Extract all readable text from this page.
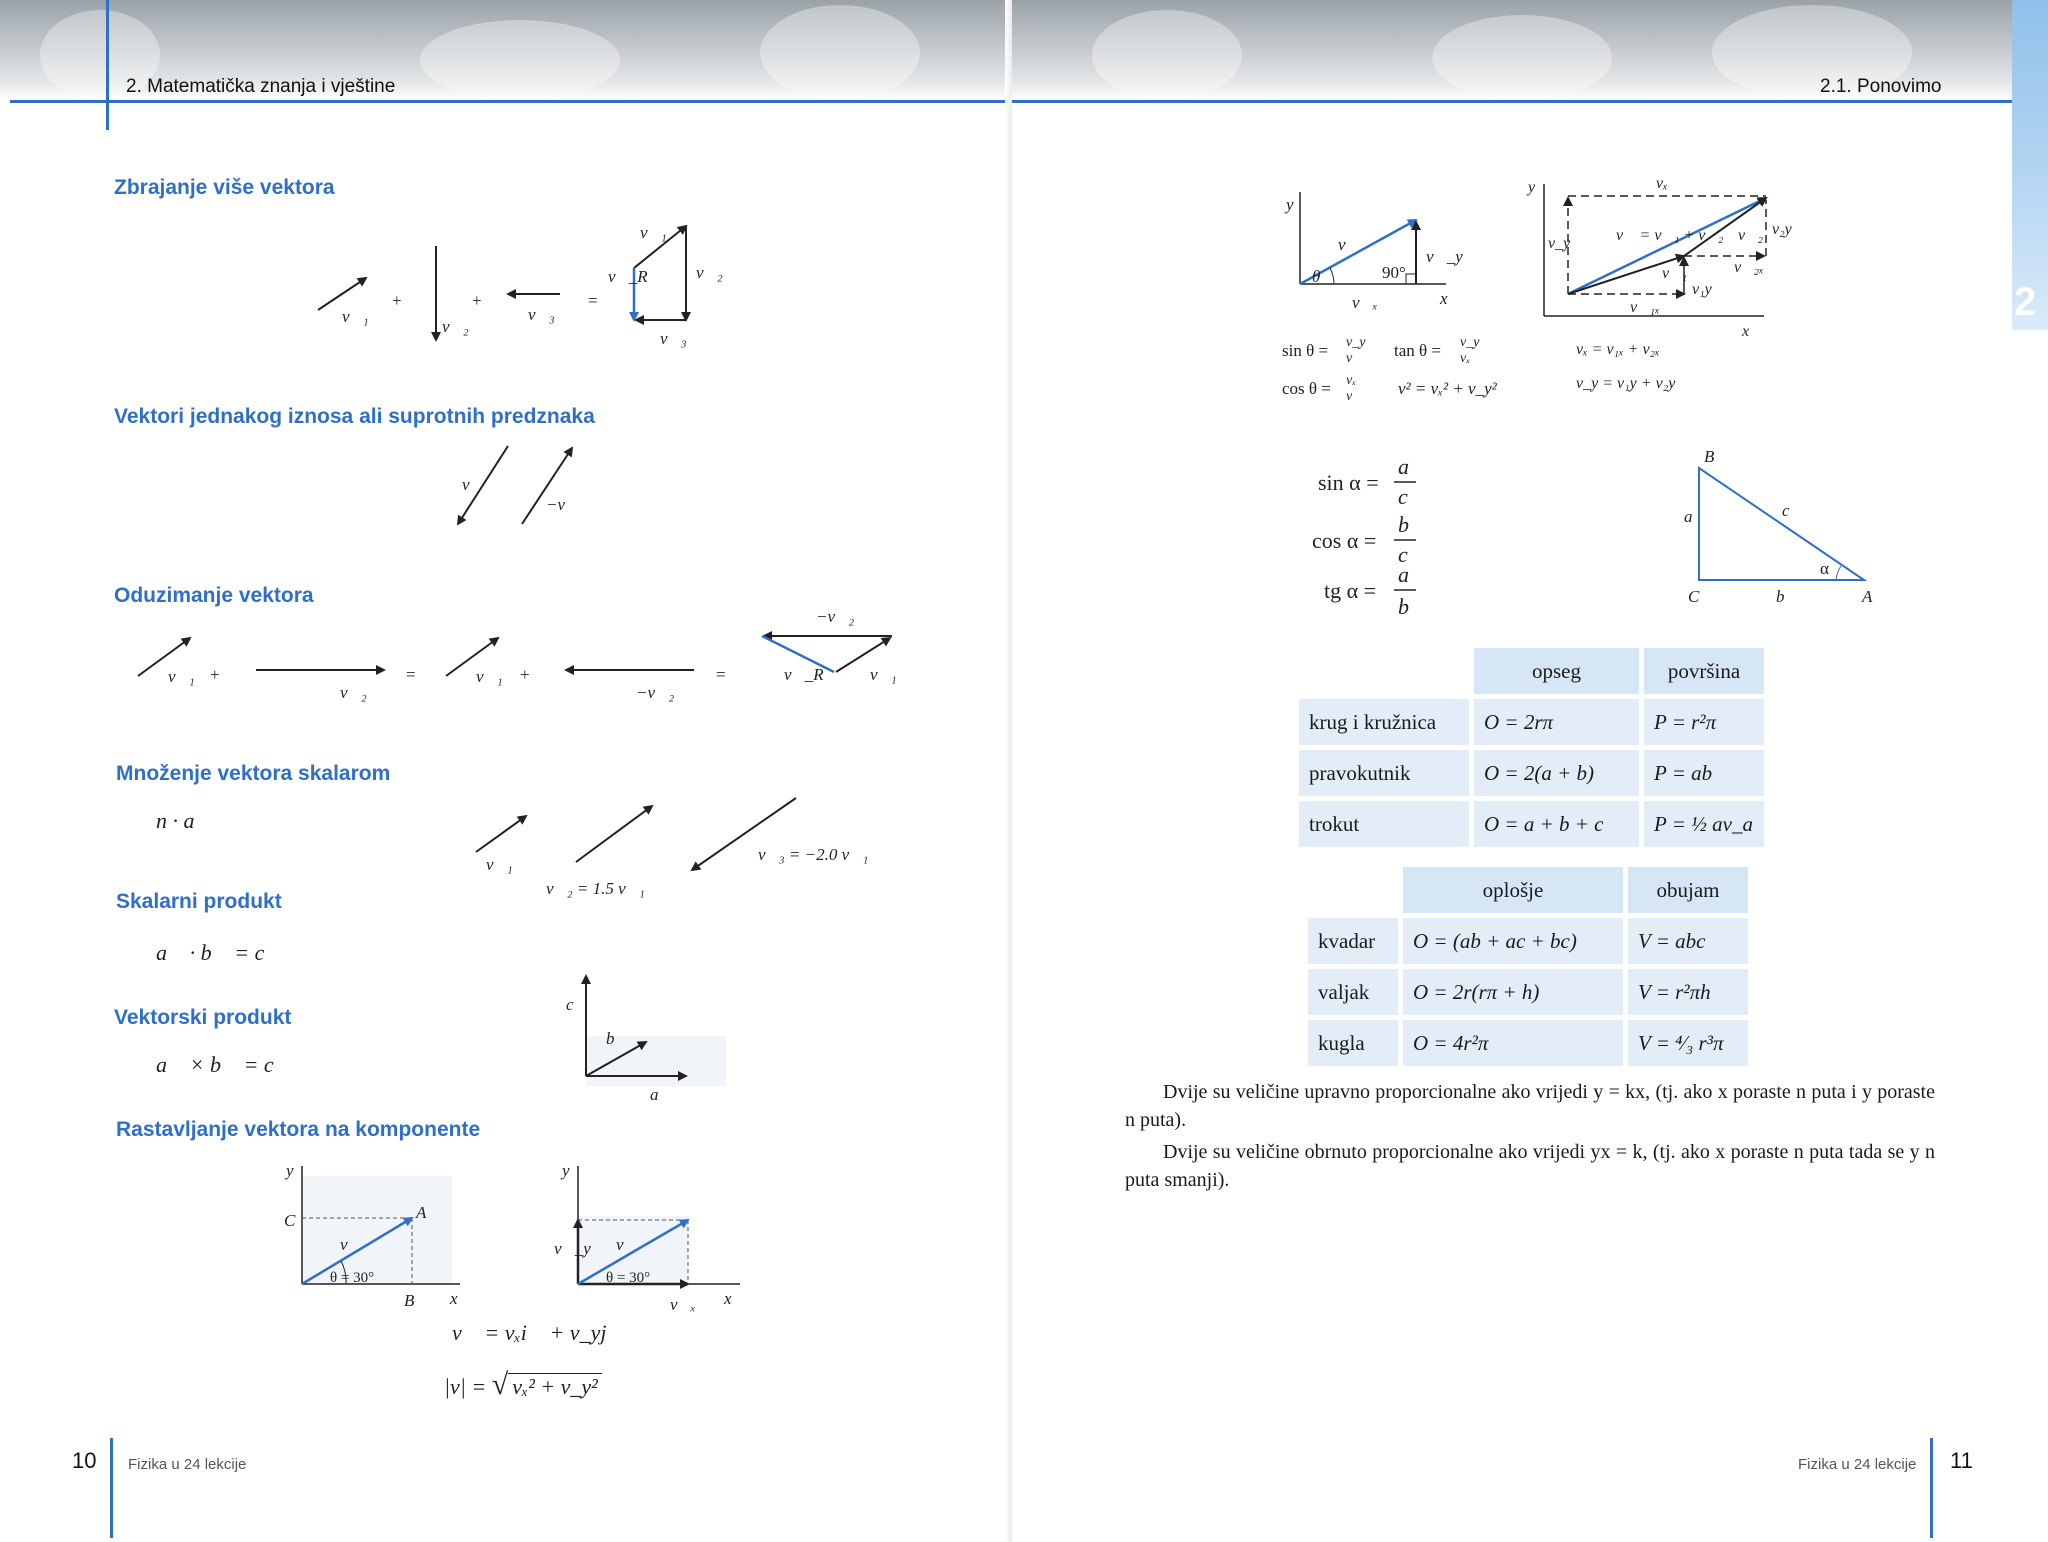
2. Matematička znanja i vještine
Zbrajanje više vektora
Vektori jednakog iznosa ali suprotnih predznaka
Oduzimanje vektora
Množenje vektora skalarom
Skalarni produkt
Vektorski produkt
Rastavljanje vektora na komponente
n · a⃗
a⃗ · b⃗ = c
a⃗ × b⃗ = c⃗
v⃗ = vₓi⃗ + v_yj⃗
|v| = √ vₓ² + v_y²
v⃗₁
+
v⃗₂
+
v⃗₃
=
v⃗₁
v⃗₂
v⃗₃
v⃗_R
v⃗
−v⃗
v⃗₁ +
v⃗₂
=	v⃗₁ +
−v⃗₂
=
−v⃗₂
v⃗_R	v⃗₁
v⃗₁
v⃗₂ = 1.5 v⃗₁
v⃗₃ = −2.0 v⃗₁
c⃗
b⃗
a⃗
y
x
A
B
C
v⃗
θ = 30°
y
x
v⃗_y
v⃗ₓ
v⃗
θ = 30°
10 Fizika u 24 lekcije
2
2.1. Ponovimo
y
x
v⃗
v⃗_y
v⃗ₓ
θ	90°
sin θ = v_y
v
cos θ = vₓ
v
tan θ = v_y
vₓ
v² = vₓ² + v_y²
y
x
vₓ
v_y	v⃗ = v⃗₁ + v⃗₂
v⃗₁
v⃗₂
v⃗₁ₓ
v₁y
v⃗₂ₓ
v₂y
vₓ = v₁ₓ + v₂ₓ
v_y = v₁y + v₂y
sin α =
a
c
cos α =
b
c
tg α =
a
b
B
C	A
a
b
c
α
	opseg	površina
krug i kružnica	O = 2rπ	P = r²π
pravokutnik	O = 2(a + b)	P = ab
trokut	O = a + b + c	P = ½ av_a
	oplošje	obujam
kvadar	O = (ab + ac + bc)	V = abc
valjak	O = 2r(rπ + h)	V = r²πh
kugla	O = 4r²π	V = ⁴⁄₃ r³π

Dvije su veličine upravno proporcionalne ako vrijedi y = kx, (tj. ako x poraste n puta i y poraste n puta).

Dvije su veličine obrnuto proporcionalne ako vrijedi yx = k, (tj. ako x poraste n puta tada se y n puta smanji).

Fizika u 24 lekcije 11
